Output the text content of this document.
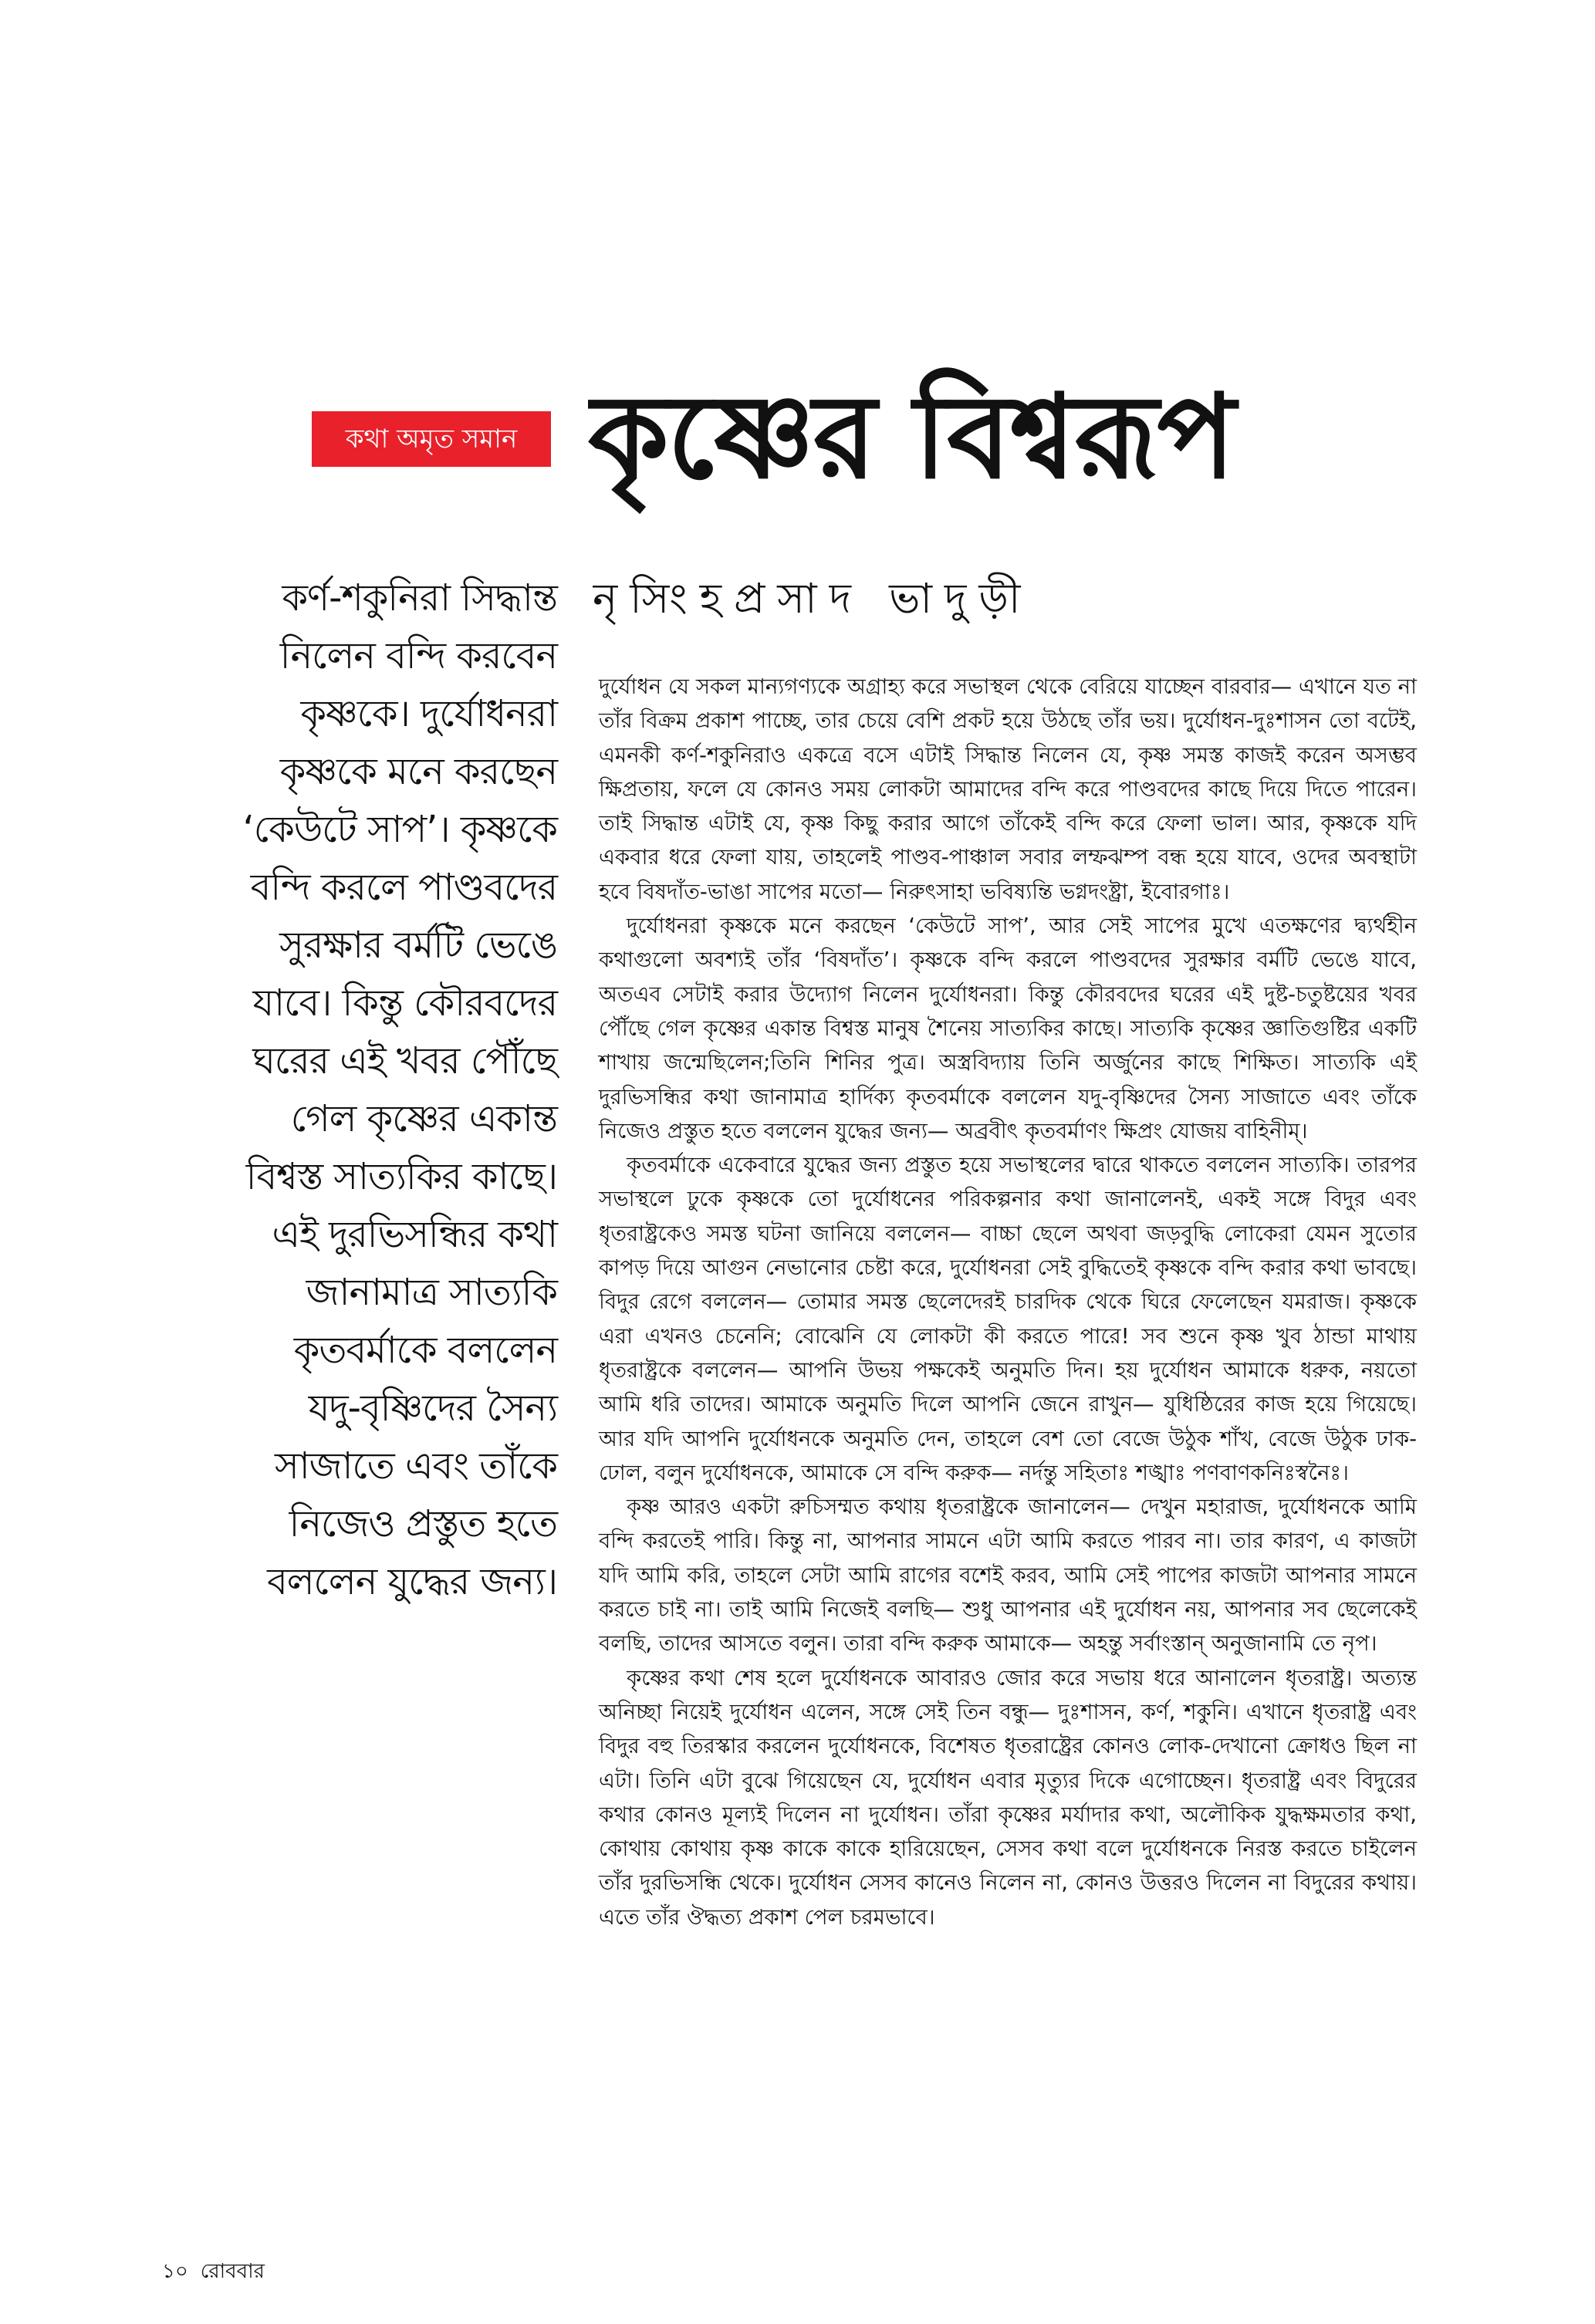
কথা অমৃত সমান কৃষ্ণের বিশ্বরূপ
নৃসিংহপ্রসাদ ভাদুড়ী
কর্ণ-শকুনিরা সিদ্ধান্ত
নিলেন বন্দি করবেন
কৃষ্ণকে। দুর্যোধনরা
কৃষ্ণকে মনে করছেন
‘কেউটে সাপ’। কৃষ্ণকে
বন্দি করলে পাণ্ডবদের
সুরক্ষার বর্মটি ভেঙে
যাবে। কিন্তু কৌরবদের
ঘরের এই খবর পৌঁছে
গেল কৃষ্ণের একান্ত
বিশ্বস্ত সাত্যকির কাছে।
এই দুরভিসন্ধির কথা
জানামাত্র সাত্যকি
কৃতবর্মাকে বললেন
যদু-বৃষ্ণিদের সৈন্য
সাজাতে এবং তাঁকে
নিজেও প্রস্তুত হতে
বললেন যুদ্ধের জন্য।

দুর্যোধন যে সকল মান্যগণ্যকে অগ্রাহ্য করে সভাস্থল থেকে বেরিয়ে যাচ্ছেন বারবার— এখানে যত না তাঁর বিক্রম প্রকাশ পাচ্ছে, তার চেয়ে বেশি প্রকট হয়ে উঠছে তাঁর ভয়। দুর্যোধন-দুঃশাসন তো বটেই, এমনকী কর্ণ-শকুনিরাও একত্রে বসে এটাই সিদ্ধান্ত নিলেন যে, কৃষ্ণ সমস্ত কাজই করেন অসম্ভব ক্ষিপ্রতায়, ফলে যে কোনও সময় লোকটা আমাদের বন্দি করে পাণ্ডবদের কাছে দিয়ে দিতে পারেন। তাই সিদ্ধান্ত এটাই যে, কৃষ্ণ কিছু করার আগে তাঁকেই বন্দি করে ফেলা ভাল। আর, কৃষ্ণকে যদি একবার ধরে ফেলা যায়, তাহলেই পাণ্ডব-পাঞ্চাল সবার লম্ফঝম্প বন্ধ হয়ে যাবে, ওদের অবস্থাটা হবে বিষদাঁত-ভাঙা সাপের মতো— নিরুৎসাহা ভবিষ্যন্তি ভগ্নদংষ্ট্রা, ইবোরগাঃ।

দুর্যোধনরা কৃষ্ণকে মনে করছেন ‘কেউটে সাপ’, আর সেই সাপের মুখে এতক্ষণের দ্ব্যর্থহীন কথাগুলো অবশ্যই তাঁর ‘বিষদাঁত’। কৃষ্ণকে বন্দি করলে পাণ্ডবদের সুরক্ষার বর্মটি ভেঙে যাবে, অতএব সেটাই করার উদ্যোগ নিলেন দুর্যোধনরা। কিন্তু কৌরবদের ঘরের এই দুষ্ট-চতুষ্টয়ের খবর পৌঁছে গেল কৃষ্ণের একান্ত বিশ্বস্ত মানুষ শৈনেয় সাত্যকির কাছে। সাত্যকি কৃষ্ণের জ্ঞাতিগুষ্টির একটি শাখায় জন্মেছিলেন;তিনি শিনির পুত্র। অস্ত্রবিদ্যায় তিনি অর্জুনের কাছে শিক্ষিত। সাত্যকি এই দুরভিসন্ধির কথা জানামাত্র হার্দিক্য কৃতবর্মাকে বললেন যদু-বৃষ্ণিদের সৈন্য সাজাতে এবং তাঁকে নিজেও প্রস্তুত হতে বললেন যুদ্ধের জন্য— অব্রবীৎ কৃতবর্মাণং ক্ষিপ্রং যোজয় বাহিনীম্।

কৃতবর্মাকে একেবারে যুদ্ধের জন্য প্রস্তুত হয়ে সভাস্থলের দ্বারে থাকতে বললেন সাত্যকি। তারপর সভাস্থলে ঢুকে কৃষ্ণকে তো দুর্যোধনের পরিকল্পনার কথা জানালেনই, একই সঙ্গে বিদুর এবং ধৃতরাষ্ট্রকেও সমস্ত ঘটনা জানিয়ে বললেন— বাচ্চা ছেলে অথবা জড়বুদ্ধি লোকেরা যেমন সুতোর কাপড় দিয়ে আগুন নেভানোর চেষ্টা করে, দুর্যোধনরা সেই বুদ্ধিতেই কৃষ্ণকে বন্দি করার কথা ভাবছে। বিদুর রেগে বললেন— তোমার সমস্ত ছেলেদেরই চারদিক থেকে ঘিরে ফেলেছেন যমরাজ। কৃষ্ণকে এরা এখনও চেনেনি; বোঝেনি যে লোকটা কী করতে পারে! সব শুনে কৃষ্ণ খুব ঠান্ডা মাথায় ধৃতরাষ্ট্রকে বললেন— আপনি উভয় পক্ষকেই অনুমতি দিন। হয় দুর্যোধন আমাকে ধরুক, নয়তো আমি ধরি তাদের। আমাকে অনুমতি দিলে আপনি জেনে রাখুন— যুধিষ্ঠিরের কাজ হয়ে গিয়েছে। আর যদি আপনি দুর্যোধনকে অনুমতি দেন, তাহলে বেশ তো বেজে উঠুক শাঁখ, বেজে উঠুক ঢাক-ঢোল, বলুন দুর্যোধনকে, আমাকে সে বন্দি করুক— নর্দন্তু সহিতাঃ শঙ্খাঃ পণবাণকনিঃস্বনৈঃ।

কৃষ্ণ আরও একটা রুচিসম্মত কথায় ধৃতরাষ্ট্রকে জানালেন— দেখুন মহারাজ, দুর্যোধনকে আমি বন্দি করতেই পারি। কিন্তু না, আপনার সামনে এটা আমি করতে পারব না। তার কারণ, এ কাজটা যদি আমি করি, তাহলে সেটা আমি রাগের বশেই করব, আমি সেই পাপের কাজটা আপনার সামনে করতে চাই না। তাই আমি নিজেই বলছি— শুধু আপনার এই দুর্যোধন নয়, আপনার সব ছেলেকেই বলছি, তাদের আসতে বলুন। তারা বন্দি করুক আমাকে— অহন্তু সর্বাংস্তান্ অনুজানামি তে নৃপ।

কৃষ্ণের কথা শেষ হলে দুর্যোধনকে আবারও জোর করে সভায় ধরে আনালেন ধৃতরাষ্ট্র। অত্যন্ত অনিচ্ছা নিয়েই দুর্যোধন এলেন, সঙ্গে সেই তিন বন্ধু— দুঃশাসন, কর্ণ, শকুনি। এখানে ধৃতরাষ্ট্র এবং বিদুর বহু তিরস্কার করলেন দুর্যোধনকে, বিশেষত ধৃতরাষ্ট্রের কোনও লোক-দেখানো ক্রোধও ছিল না এটা। তিনি এটা বুঝে গিয়েছেন যে, দুর্যোধন এবার মৃত্যুর দিকে এগোচ্ছেন। ধৃতরাষ্ট্র এবং বিদুরের কথার কোনও মূল্যই দিলেন না দুর্যোধন। তাঁরা কৃষ্ণের মর্যাদার কথা, অলৌকিক যুদ্ধক্ষমতার কথা, কোথায় কোথায় কৃষ্ণ কাকে কাকে হারিয়েছেন, সেসব কথা বলে দুর্যোধনকে নিরস্ত করতে চাইলেন তাঁর দুরভিসন্ধি থেকে। দুর্যোধন সেসব কানেও নিলেন না, কোনও উত্তরও দিলেন না বিদুরের কথায়। এতে তাঁর ঔদ্ধত্য প্রকাশ পেল চরমভাবে।

১০ রোববার
